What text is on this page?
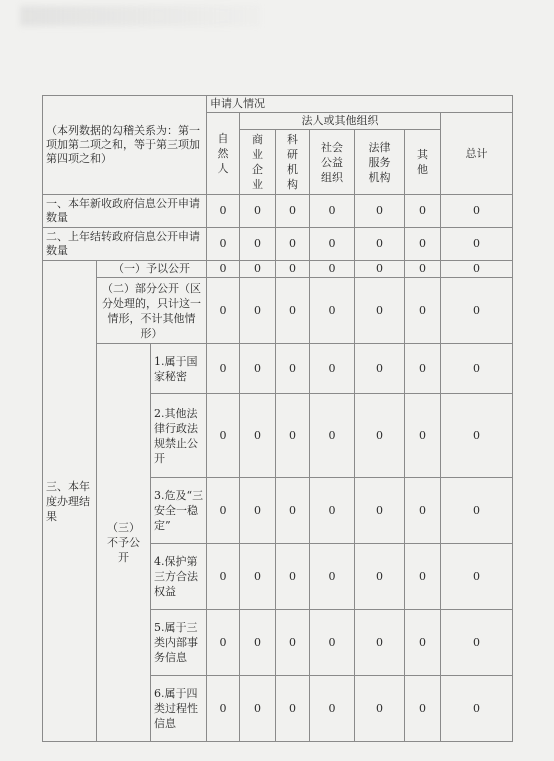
（本列数据的勾稽关系为：第一项加第二项之和，等于第三项加第四项之和）			申请人情况						
			自然人	法人或其他组织					总计
				商业企业	科研机构	社会公益组织	法律服务机构	其他	
一、本年新收政府信息公开申请数量			0	0	0	0	0	0	0
二、上年结转政府信息公开申请数量			0	0	0	0	0	0	0
三、本年度办理结果	（一）予以公开		0	0	0	0	0	0	0
	（二）部分公开（区分处理的，只计这一情形，不计其他情形）		0	0	0	0	0	0	0
	（三）不予公开	1.属于国家秘密	0	0	0	0	0	0	0
		2.其他法律行政法规禁止公开	0	0	0	0	0	0	0
		3.危及“三安全一稳定”	0	0	0	0	0	0	0
		4.保护第三方合法权益	0	0	0	0	0	0	0
		5.属于三类内部事务信息	0	0	0	0	0	0	0
		6.属于四类过程性信息	0	0	0	0	0	0	0
